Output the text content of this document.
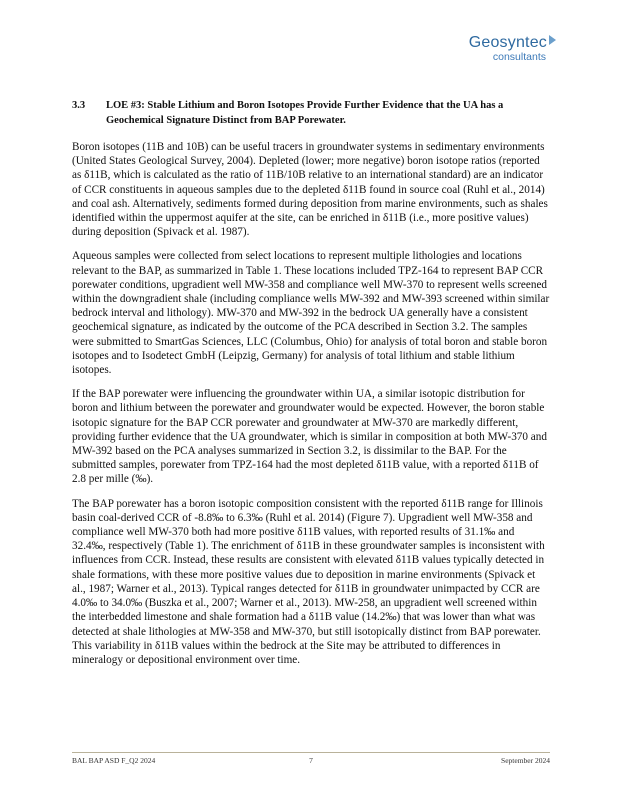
Geosyntec
consultants
3.3 LOE #3: Stable Lithium and Boron Isotopes Provide Further Evidence that the UA has a Geochemical Signature Distinct from BAP Porewater.

Boron isotopes (11B and 10B) can be useful tracers in groundwater systems in sedimentary environments (United States Geological Survey, 2004). Depleted (lower; more negative) boron isotope ratios (reported as δ11B, which is calculated as the ratio of 11B/10B relative to an international standard) are an indicator of CCR constituents in aqueous samples due to the depleted δ11B found in source coal (Ruhl et al., 2014) and coal ash. Alternatively, sediments formed during deposition from marine environments, such as shales identified within the uppermost aquifer at the site, can be enriched in δ11B (i.e., more positive values) during deposition (Spivack et al. 1987).

Aqueous samples were collected from select locations to represent multiple lithologies and locations relevant to the BAP, as summarized in Table 1. These locations included TPZ-164 to represent BAP CCR porewater conditions, upgradient well MW-358 and compliance well MW-370 to represent wells screened within the downgradient shale (including compliance wells MW-392 and MW-393 screened within similar bedrock interval and lithology). MW-370 and MW-392 in the bedrock UA generally have a consistent geochemical signature, as indicated by the outcome of the PCA described in Section 3.2. The samples were submitted to SmartGas Sciences, LLC (Columbus, Ohio) for analysis of total boron and stable boron isotopes and to Isodetect GmbH (Leipzig, Germany) for analysis of total lithium and stable lithium isotopes.

If the BAP porewater were influencing the groundwater within UA, a similar isotopic distribution for boron and lithium between the porewater and groundwater would be expected. However, the boron stable isotopic signature for the BAP CCR porewater and groundwater at MW-370 are markedly different, providing further evidence that the UA groundwater, which is similar in composition at both MW-370 and MW-392 based on the PCA analyses summarized in Section 3.2, is dissimilar to the BAP. For the submitted samples, porewater from TPZ-164 had the most depleted δ11B value, with a reported δ11B of 2.8 per mille (‰).

The BAP porewater has a boron isotopic composition consistent with the reported δ11B range for Illinois basin coal-derived CCR of -8.8‰ to 6.3‰ (Ruhl et al. 2014) (Figure 7). Upgradient well MW-358 and compliance well MW-370 both had more positive δ11B values, with reported results of 31.1‰ and 32.4‰, respectively (Table 1). The enrichment of δ11B in these groundwater samples is inconsistent with influences from CCR. Instead, these results are consistent with elevated δ11B values typically detected in shale formations, with these more positive values due to deposition in marine environments (Spivack et al., 1987; Warner et al., 2013). Typical ranges detected for δ11B in groundwater unimpacted by CCR are 4.0‰ to 34.0‰ (Buszka et al., 2007; Warner et al., 2013). MW-258, an upgradient well screened within the interbedded limestone and shale formation had a δ11B value (14.2‰) that was lower than what was detected at shale lithologies at MW-358 and MW-370, but still isotopically distinct from BAP porewater. This variability in δ11B values within the bedrock at the Site may be attributed to differences in mineralogy or depositional environment over time.

BAL BAP ASD F_Q2 2024	7	September 2024
